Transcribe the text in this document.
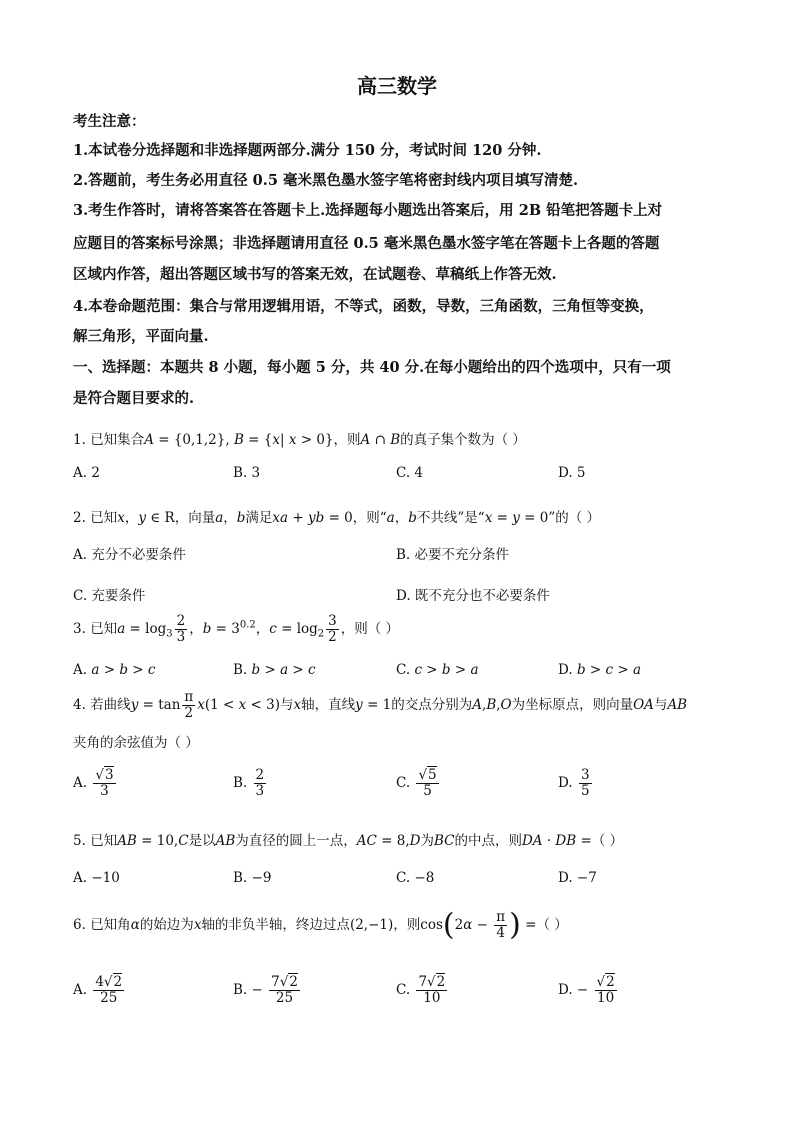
高三数学
考生注意：
1.本试卷分选择题和非选择题两部分.满分 150 分，考试时间 120 分钟.
2.答题前，考生务必用直径 0.5 毫米黑色墨水签字笔将密封线内项目填写清楚.
3.考生作答时，请将答案答在答题卡上.选择题每小题选出答案后，用 2B 铅笔把答题卡上对
应题目的答案标号涂黑；非选择题请用直径 0.5 毫米黑色墨水签字笔在答题卡上各题的答题
区域内作答，超出答题区域书写的答案无效，在试题卷、草稿纸上作答无效.
4.本卷命题范围：集合与常用逻辑用语，不等式，函数，导数，三角函数，三角恒等变换，
解三角形，平面向量.
一、选择题：本题共 8 小题，每小题 5 分，共 40 分.在每小题给出的四个选项中，只有一项
是符合题目要求的.
1. 已知集合A = {0,1,2}, B = {x| x > 0}，则A ∩ B的真子集个数为（ ）
A. 2	B. 3	C. 4	D. 5
2. 已知x，y ∈ R，向量a，b满足xa + yb = 0，则“a，b不共线”是“x = y = 0”的（ ）
A. 充分不必要条件	B. 必要不充分条件
C. 充要条件	D. 既不充分也不必要条件
3. 已知$a = \log_3 \frac{2}{3}$ ，$b = 3^{0.2}$，$c = \log_2 \frac{3}{2}$ ，则（ ）
A. a > b > c	B. b > a > c	C. c > b > a	D. b > c > a
4. 若曲线$y = \tan \frac{\pi}{2} x(1 < x < 3)$与x轴，直线y = 1的交点分别为A,B,O为坐标原点，则向量OA与AB
夹角的余弦值为（ ）
A. $\frac{√3}{3}$	B. $\frac{2}{3}$	C. $\frac{√5}{5}$	D. $\frac{3}{5}$
5. 已知AB = 10,C是以AB为直径的圆上一点，AC = 8,D为BC的中点，则DA · DB =（ ）
A. −10	B. −9	C. −8	D. −7
6. 已知角α的始边为x轴的非负半轴，终边过点(2,−1)，则$\cos(2\alpha - \frac{\pi}{4}$ ) =（ ）
A. $\frac{4√2}{25}$	B. − $\frac{7√2}{25}$	C. $\frac{7√2}{10}$	D. − $\frac{√2}{10}$
